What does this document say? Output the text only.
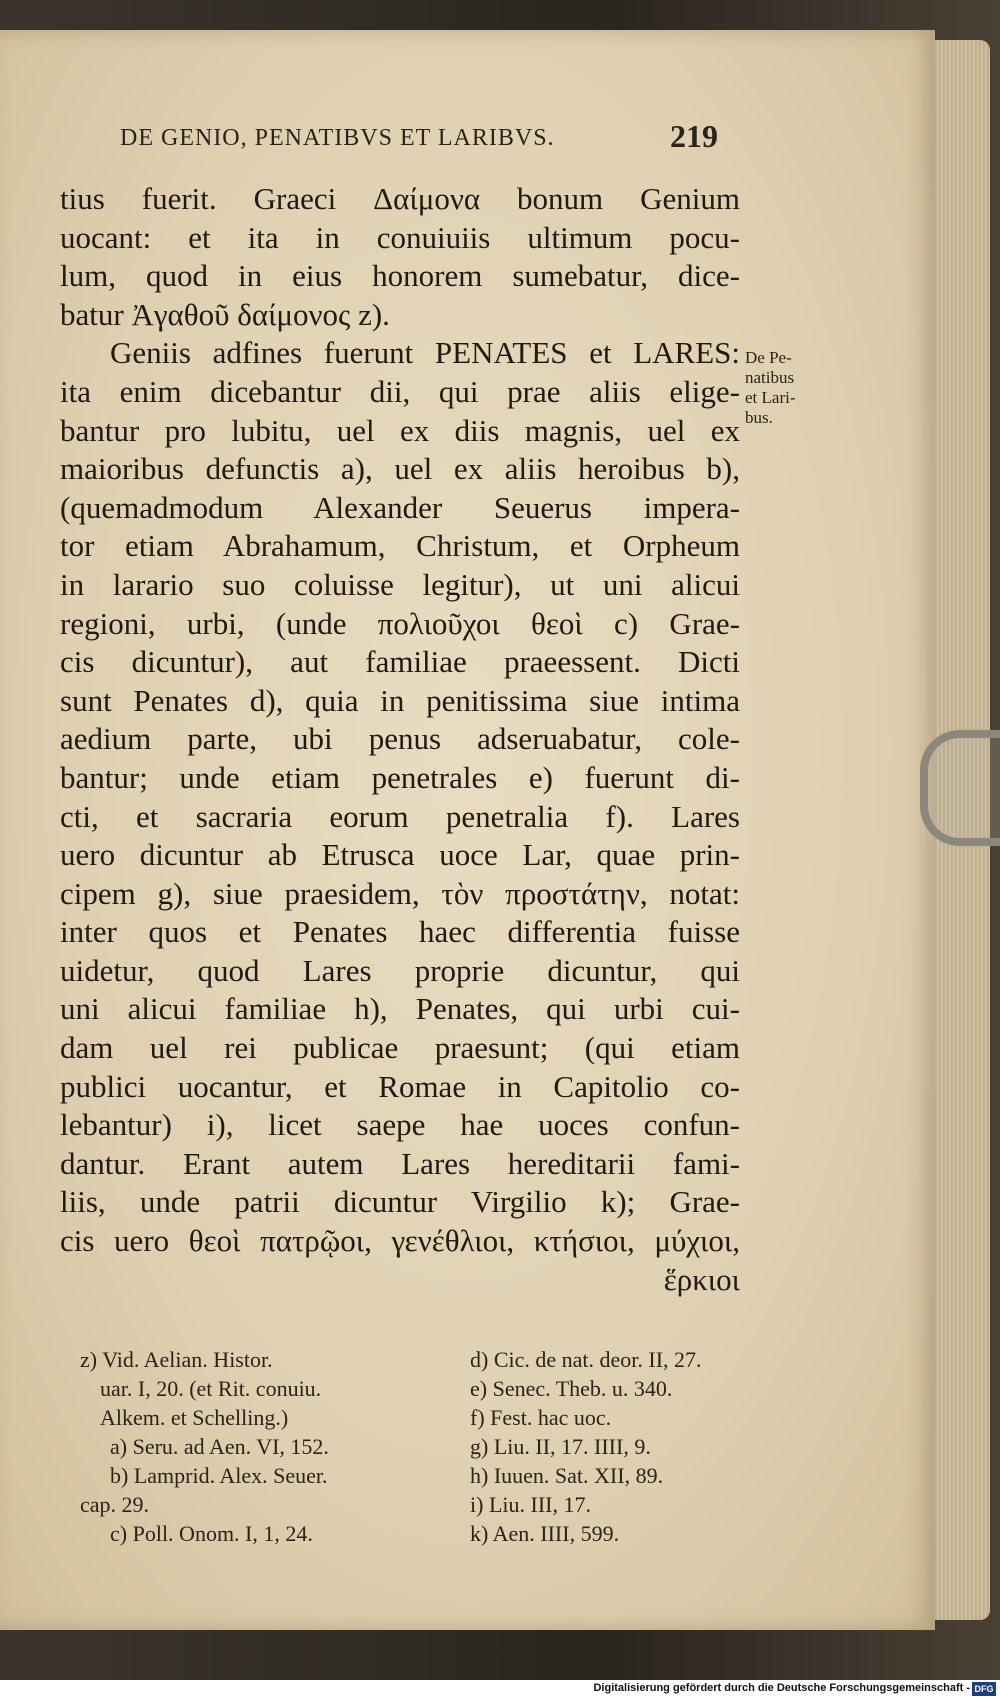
DE GENIO, PENATIBVS ET LARIBVS.	219
tius fuerit. Graeci Δαίμονα bonum Genium
uocant: et ita in conuiuiis ultimum pocu-
lum, quod in eius honorem sumebatur, dice-
batur Ἀγαθοῦ δαίμονος z).
Geniis adfines fuerunt PENATES et LARES:
ita enim dicebantur dii, qui prae aliis elige-
bantur pro lubitu, uel ex diis magnis, uel ex
maioribus defunctis a), uel ex aliis heroibus b),
(quemadmodum Alexander Seuerus impera-
tor etiam Abrahamum, Christum, et Orpheum
in larario suo coluisse legitur), ut uni alicui
regioni, urbi, (unde πολιοῦχοι θεοὶ c) Grae-
cis dicuntur), aut familiae praeessent. Dicti
sunt Penates d), quia in penitissima siue intima
aedium parte, ubi penus adseruabatur, cole-
bantur; unde etiam penetrales e) fuerunt di-
cti, et sacraria eorum penetralia f). Lares
uero dicuntur ab Etrusca uoce Lar, quae prin-
cipem g), siue praesidem, τὸν προστάτην, notat:
inter quos et Penates haec differentia fuisse
uidetur, quod Lares proprie dicuntur, qui
uni alicui familiae h), Penates, qui urbi cui-
dam uel rei publicae praesunt; (qui etiam
publici uocantur, et Romae in Capitolio co-
lebantur) i), licet saepe hae uoces confun-
dantur. Erant autem Lares hereditarii fami-
liis, unde patrii dicuntur Virgilio k); Grae-
cis uero θεοὶ πατρῷοι, γενέθλιοι, κτήσιοι, μύχιοι,
ἕρκιοι
De Pe-
natibus
et Lari-
bus.
z) Vid. Aelian. Histor.
uar. I, 20. (et Rit. conuiu.
Alkem. et Schelling.)
a) Seru. ad Aen. VI, 152.
b) Lamprid. Alex. Seuer.
cap. 29.
c) Poll. Onom. I, 1, 24.
d) Cic. de nat. deor. II, 27.
e) Senec. Theb. u. 340.
f) Fest. hac uoc.
g) Liu. II, 17. IIII, 9.
h) Iuuen. Sat. XII, 89.
i) Liu. III, 17.
k) Aen. IIII, 599.
Digitalisierung gefördert durch die Deutsche Forschungsgemeinschaft - DFG
